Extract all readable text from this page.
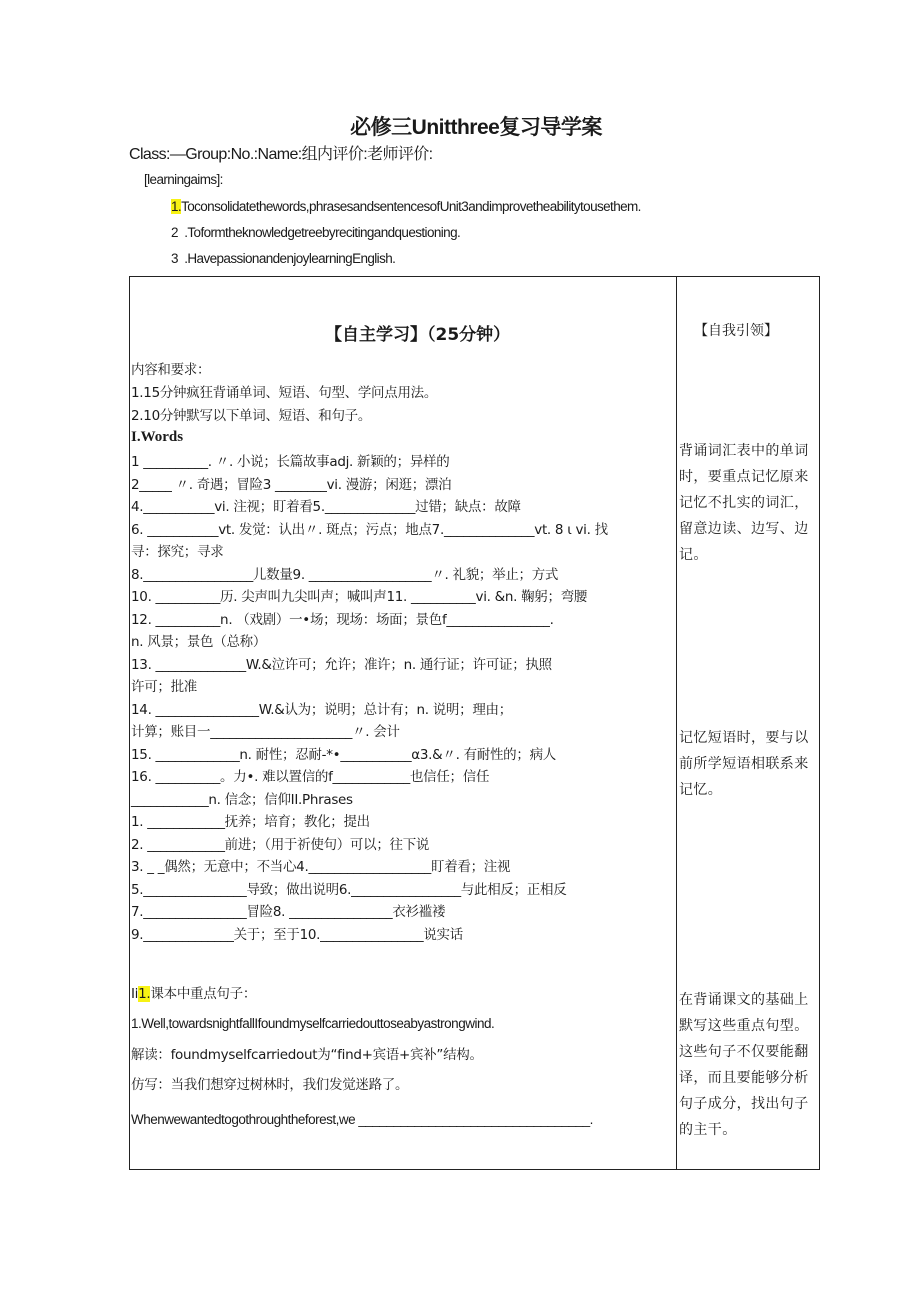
必修三Unitthree复习导学案
Class:—Group:No.:Name:组内评价:老师评价:
[learningaims]:
1.Toconsolidatethewords,phrasesandsentencesofUnit3andimprovetheabilitytousethem.
2 .Toformtheknowledgetreebyrecitingandquestioning.
3 .HavepassionandenjoylearningEnglish.
【自主学习】（25分钟）	【自我引领】
内容和要求：
1.15分钟疯狂背诵单词、短语、句型、学问点用法。
2.10分钟默写以下单词、短语、和句子。
I.Words
1 __________. 〃. 小说；长篇故事adj. 新颖的；异样的
2_____ 〃. 奇遇；冒险3 ________vi. 漫游；闲逛；漂泊
4.___________vi. 注视；盯着看5.______________过错；缺点：故障
6. ___________vt. 发觉：认出〃. 斑点；污点；地点7.______________vt. 8 ι vi. 找
寻：探究；寻求
8._________________儿数量9. ___________________〃. 礼貌；举止；方式
10. __________历. 尖声叫九尖叫声；喊叫声11. __________vi. &n. 鞠躬；弯腰
12. __________n. （戏剧）一•场；现场：场面；景色f________________.
n. 风景；景色（总称）
13. ______________W.&泣许可；允许；准许；n. 通行证；许可证；执照
许可；批准
14. ________________W.&认为；说明；总计有；n. 说明；理由；
计算；账目一______________________〃. 会计
15. _____________n. 耐性；忍耐-*•___________α3.&〃. 有耐性的；病人
16. __________。力•. 难以置信的f____________也信任；信任
____________n. 信念；信仰II.Phrases
1. ____________抚养；培育；教化；提出
2. ____________前进；（用于祈使句）可以；往下说
3. _ _偶然；无意中；不当心4.___________________盯着看；注视
5.________________导致；做出说明6._________________与此相反；正相反
7.________________冒险8. ________________衣衫褴褛
9.______________关于；至于10.________________说实话
Ii1.课本中重点句子：
1.Well,towardsnightfallIfoundmyselfcarriedouttoseabyastrongwind.
解读：foundmyselfcarriedout为“find+宾语+宾补”结构。
仿写：当我们想穿过树林时，我们发觉迷路了。
Whenwewantedtogothroughtheforest,we _________________________________.
背诵词汇表中的单词时，要重点记忆原来记忆不扎实的词汇，留意边读、边写、边记。
记忆短语时，要与以前所学短语相联系来记忆。
在背诵课文的基础上默写这些重点句型。这些句子不仅要能翻译，而且要能够分析句子成分，找出句子的主干。
